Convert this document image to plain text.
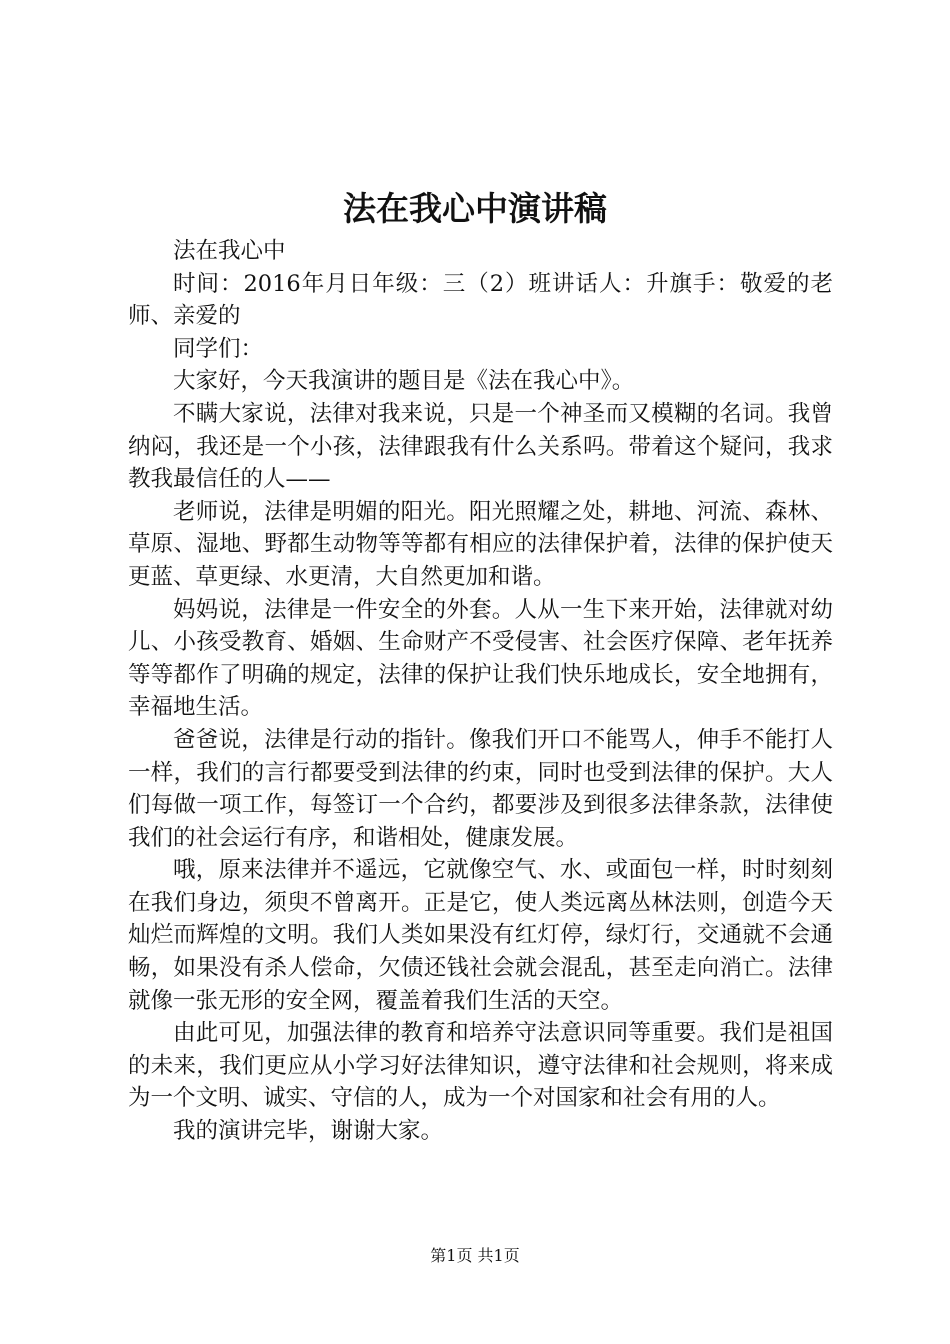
法在我心中演讲稿

法在我心中

时间：2016年月日年级：三（2）班讲话人：升旗手：敬爱的老师、亲爱的

同学们：

大家好，今天我演讲的题目是《法在我心中》。

不瞒大家说，法律对我来说，只是一个神圣而又模糊的名词。我曾纳闷，我还是一个小孩，法律跟我有什么关系吗。带着这个疑问，我求教我最信任的人——

老师说，法律是明媚的阳光。阳光照耀之处，耕地、河流、森林、草原、湿地、野都生动物等等都有相应的法律保护着，法律的保护使天更蓝、草更绿、水更清，大自然更加和谐。

妈妈说，法律是一件安全的外套。人从一生下来开始，法律就对幼儿、小孩受教育、婚姻、生命财产不受侵害、社会医疗保障、老年抚养等等都作了明确的规定，法律的保护让我们快乐地成长，安全地拥有，幸福地生活。

爸爸说，法律是行动的指针。像我们开口不能骂人，伸手不能打人一样，我们的言行都要受到法律的约束，同时也受到法律的保护。大人们每做一项工作，每签订一个合约，都要涉及到很多法律条款，法律使我们的社会运行有序，和谐相处，健康发展。

哦，原来法律并不遥远，它就像空气、水、或面包一样，时时刻刻在我们身边，须臾不曾离开。正是它，使人类远离丛林法则，创造今天灿烂而辉煌的文明。我们人类如果没有红灯停，绿灯行，交通就不会通畅，如果没有杀人偿命，欠债还钱社会就会混乱，甚至走向消亡。法律就像一张无形的安全网，覆盖着我们生活的天空。

由此可见，加强法律的教育和培养守法意识同等重要。我们是祖国的未来，我们更应从小学习好法律知识，遵守法律和社会规则，将来成为一个文明、诚实、守信的人，成为一个对国家和社会有用的人。

我的演讲完毕，谢谢大家。

第1页 共1页
